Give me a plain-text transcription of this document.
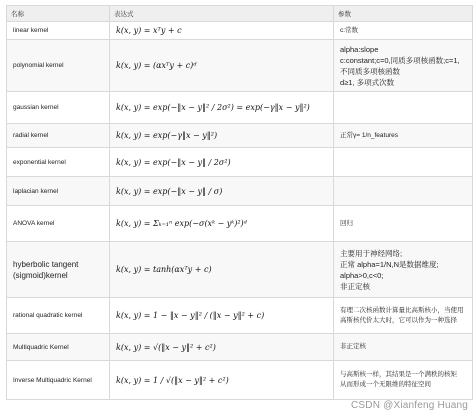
名称	表达式	参数
linear kernel	k(x, y) = xᵀy + c	c:常数

polynomial kernel	k(x, y) = (αxᵀy + c)ᵈ	alpha:slope
c:constant;c=0,同质多项核函数;c=1,
不同质多项核函数
d≥1, 多项式次数

gaussian kernel	k(x, y) = exp(−‖x − y‖² / 2σ²) = exp(−γ‖x − y‖²)	
radial kernel	k(x, y) = exp(−γ‖x − y‖²)	正常γ= 1/n_features

exponential kernel	k(x, y) = exp(−‖x − y‖ / 2σ²)	
laplacian kernel	k(x, y) = exp(−‖x − y‖ / σ)	
ANOVA kernel	k(x, y) = Σₖ₌₁ⁿ exp(−σ(xᵏ − yᵏ)²)ᵈ	回归

hyberbolic tangent (sigmoid)kernel	k(x, y) = tanh(αxᵀy + c)	主要用于神经网络;
正常 alpha=1/N,N是数据维度;
alpha>0,c<0;
非正定核

rational quadratic kernel	k(x, y) = 1 − ‖x − y‖² / (‖x − y‖² + c)	有理二次核函数计算量比高斯核小，当使用
高斯核代价太大时，它可以作为一种选择

Multiquadric Kernel	k(x, y) = √(‖x − y‖² + c²)	非正定核

Inverse Multiquadric Kernel	k(x, y) = 1 / √(‖x − y‖² + c²)	与高斯核一样，其结果是一个满秩的核矩
从而形成一个无限维的特征空间
CSDN @Xianfeng Huang
